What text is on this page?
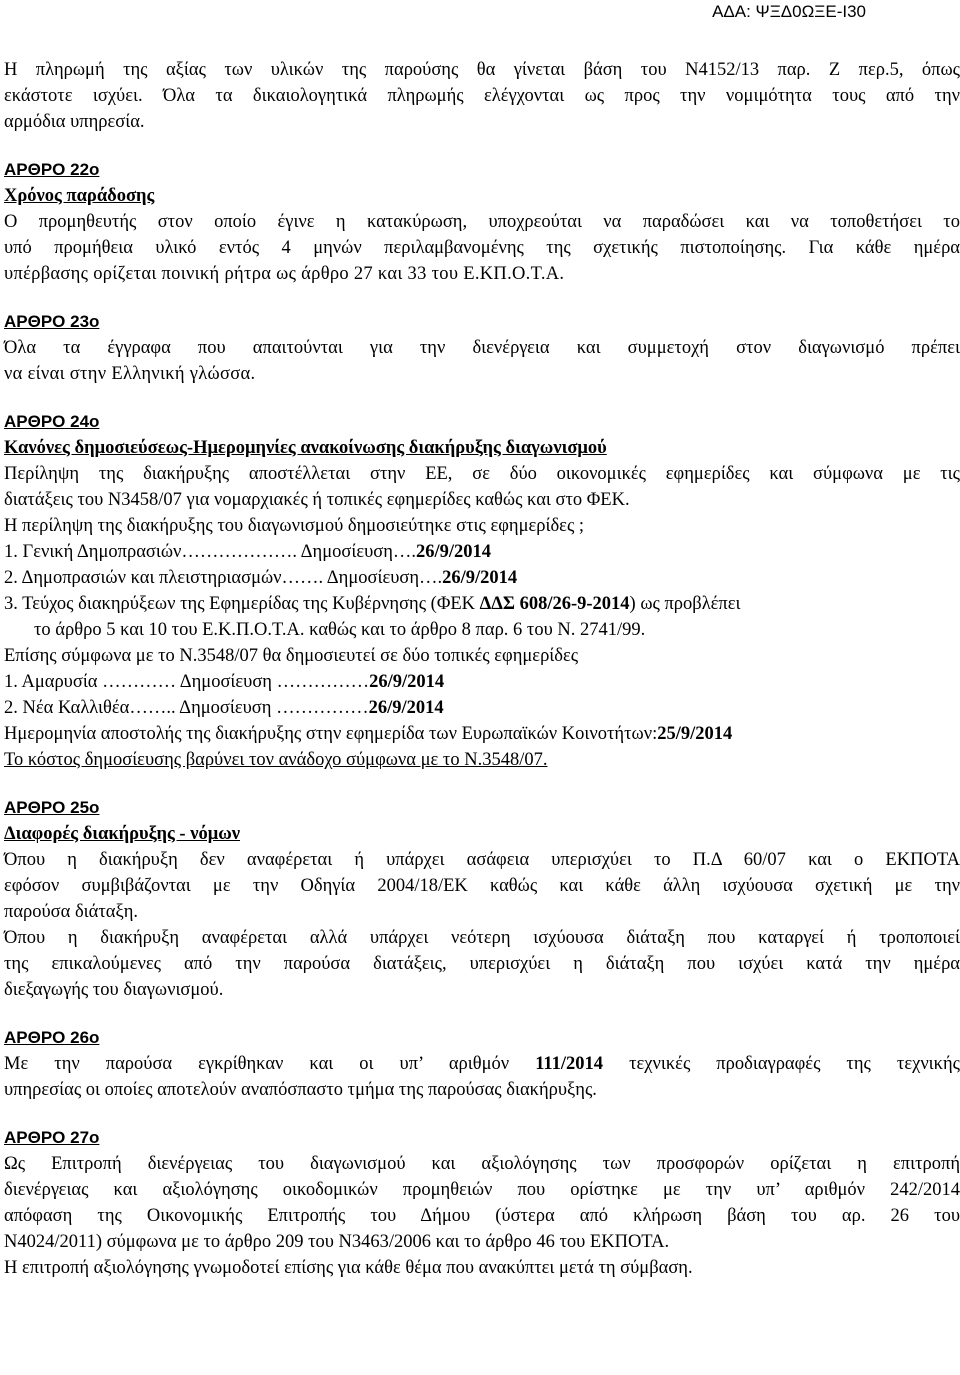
ΑΔΑ: ΨΞΔ0ΩΞΕ-Ι30

Η πληρωμή της αξίας των υλικών της παρούσης θα γίνεται βάση του Ν4152/13 παρ. Ζ περ.5, όπως

εκάστοτε ισχύει. Όλα τα δικαιολογητικά πληρωμής ελέγχονται ως προς την νομιμότητα τους από την

αρμόδια υπηρεσία.

ΑΡΘΡΟ 22ο

Χρόνος παράδοσης

Ο προμηθευτής στον οποίο έγινε η κατακύρωση, υποχρεούται να παραδώσει και να τοποθετήσει το

υπό προμήθεια υλικό εντός 4 μηνών περιλαμβανομένης της σχετικής πιστοποίησης. Για κάθε ημέρα

υπέρβασης ορίζεται ποινική ρήτρα ως άρθρο 27 και 33 του Ε.ΚΠ.Ο.Τ.Α.

ΑΡΘΡΟ 23ο

Όλα τα έγγραφα που απαιτούνται για την διενέργεια και συμμετοχή στον διαγωνισμό πρέπει

να είναι στην Ελληνική γλώσσα.

ΑΡΘΡΟ 24ο

Κανόνες δημοσιεύσεως-Ημερομηνίες ανακοίνωσης διακήρυξης διαγωνισμού

Περίληψη της διακήρυξης αποστέλλεται στην ΕΕ, σε δύο οικονομικές εφημερίδες και σύμφωνα με τις

διατάξεις του Ν3458/07 για νομαρχιακές ή τοπικές εφημερίδες καθώς και στο ΦΕΚ.

Η περίληψη της διακήρυξης του διαγωνισμού δημοσιεύτηκε στις εφημερίδες ;

1. Γενική Δημοπρασιών………………. Δημοσίευση….26/9/2014

2. Δημοπρασιών και πλειστηριασμών……. Δημοσίευση….26/9/2014

3. Τεύχος διακηρύξεων της Εφημερίδας της Κυβέρνησης (ΦΕΚ ΔΔΣ 608/26-9-2014) ως προβλέπει

το άρθρο 5 και 10 του Ε.Κ.Π.Ο.Τ.Α. καθώς και το άρθρο 8 παρ. 6 του Ν. 2741/99.

Επίσης σύμφωνα με το Ν.3548/07 θα δημοσιευτεί σε δύο τοπικές εφημερίδες

1. Αμαρυσία ………… Δημοσίευση ……………26/9/2014

2. Νέα Καλλιθέα…….. Δημοσίευση ……………26/9/2014

Ημερομηνία αποστολής της διακήρυξης στην εφημερίδα των Ευρωπαϊκών Κοινοτήτων:25/9/2014

Το κόστος δημοσίευσης βαρύνει τον ανάδοχο σύμφωνα με το Ν.3548/07.

ΑΡΘΡΟ 25ο

Διαφορές διακήρυξης - νόμων

Όπου η διακήρυξη δεν αναφέρεται ή υπάρχει ασάφεια υπερισχύει το Π.Δ 60/07 και ο ΕΚΠΟΤΑ

εφόσον συμβιβάζονται με την Οδηγία 2004/18/ΕΚ καθώς και κάθε άλλη ισχύουσα σχετική με την

παρούσα διάταξη.

Όπου η διακήρυξη αναφέρεται αλλά υπάρχει νεότερη ισχύουσα διάταξη που καταργεί ή τροποποιεί

της επικαλούμενες από την παρούσα διατάξεις, υπερισχύει η διάταξη που ισχύει κατά την ημέρα

διεξαγωγής του διαγωνισμού.

ΑΡΘΡΟ 26ο

Με την παρούσα εγκρίθηκαν και οι υπ’ αριθμόν 111/2014 τεχνικές προδιαγραφές της τεχνικής

υπηρεσίας οι οποίες αποτελούν αναπόσπαστο τμήμα της παρούσας διακήρυξης.

ΑΡΘΡΟ 27ο

Ως Επιτροπή διενέργειας του διαγωνισμού και αξιολόγησης των προσφορών ορίζεται η επιτροπή

διενέργειας και αξιολόγησης οικοδομικών προμηθειών που ορίστηκε με την υπ’ αριθμόν 242/2014

απόφαση της Οικονομικής Επιτροπής του Δήμου (ύστερα από κλήρωση βάση του αρ. 26 του

Ν4024/2011) σύμφωνα με το άρθρο 209 του Ν3463/2006 και το άρθρο 46 του ΕΚΠΟΤΑ.

Η επιτροπή αξιολόγησης γνωμοδοτεί επίσης για κάθε θέμα που ανακύπτει μετά τη σύμβαση.
